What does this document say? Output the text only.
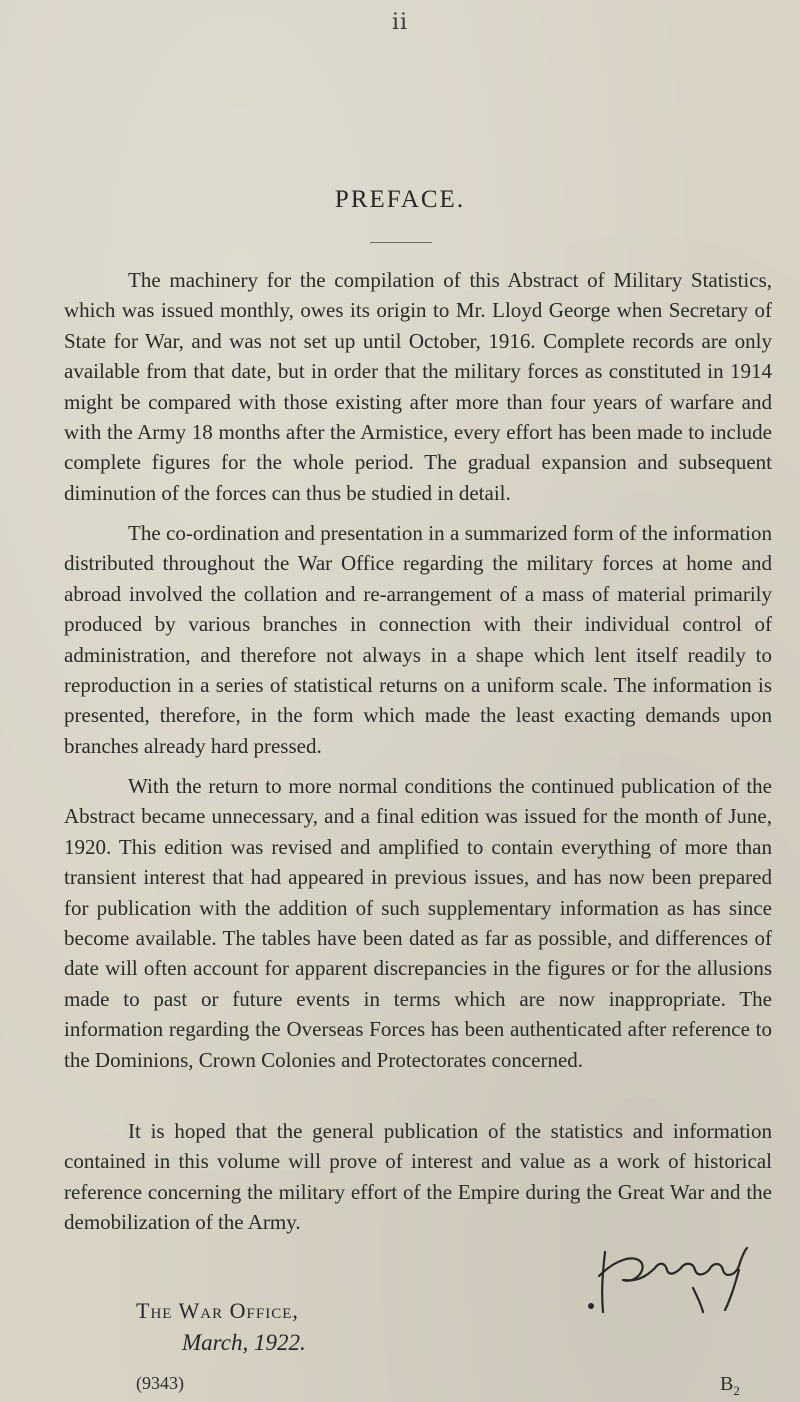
ii
PREFACE.

The machinery for the compilation of this Abstract of Military Statistics, which was issued monthly, owes its origin to Mr. Lloyd George when Secretary of State for War, and was not set up until October, 1916. Complete records are only available from that date, but in order that the military forces as constituted in 1914 might be compared with those existing after more than four years of warfare and with the Army 18 months after the Armistice, every effort has been made to include complete figures for the whole period. The gradual expansion and subsequent diminution of the forces can thus be studied in detail.

The co-ordination and presentation in a summarized form of the information distributed throughout the War Office regarding the military forces at home and abroad involved the collation and re-arrangement of a mass of material primarily produced by various branches in connection with their individual control of administration, and therefore not always in a shape which lent itself readily to reproduction in a series of statistical returns on a uniform scale. The information is presented, therefore, in the form which made the least exacting demands upon branches already hard pressed.

With the return to more normal conditions the continued publication of the Abstract became unnecessary, and a final edition was issued for the month of June, 1920. This edition was revised and amplified to contain everything of more than transient interest that had appeared in previous issues, and has now been prepared for publication with the addition of such supplementary information as has since become available. The tables have been dated as far as possible, and differences of date will often account for apparent discrepancies in the figures or for the allusions made to past or future events in terms which are now inappropriate. The information regarding the Overseas Forces has been authenticated after reference to the Dominions, Crown Colonies and Protectorates concerned.

It is hoped that the general publication of the statistics and information contained in this volume will prove of interest and value as a work of historical reference concerning the military effort of the Empire during the Great War and the demobilization of the Army.

The War Office,
March, 1922.
(9343)	$B_2$
